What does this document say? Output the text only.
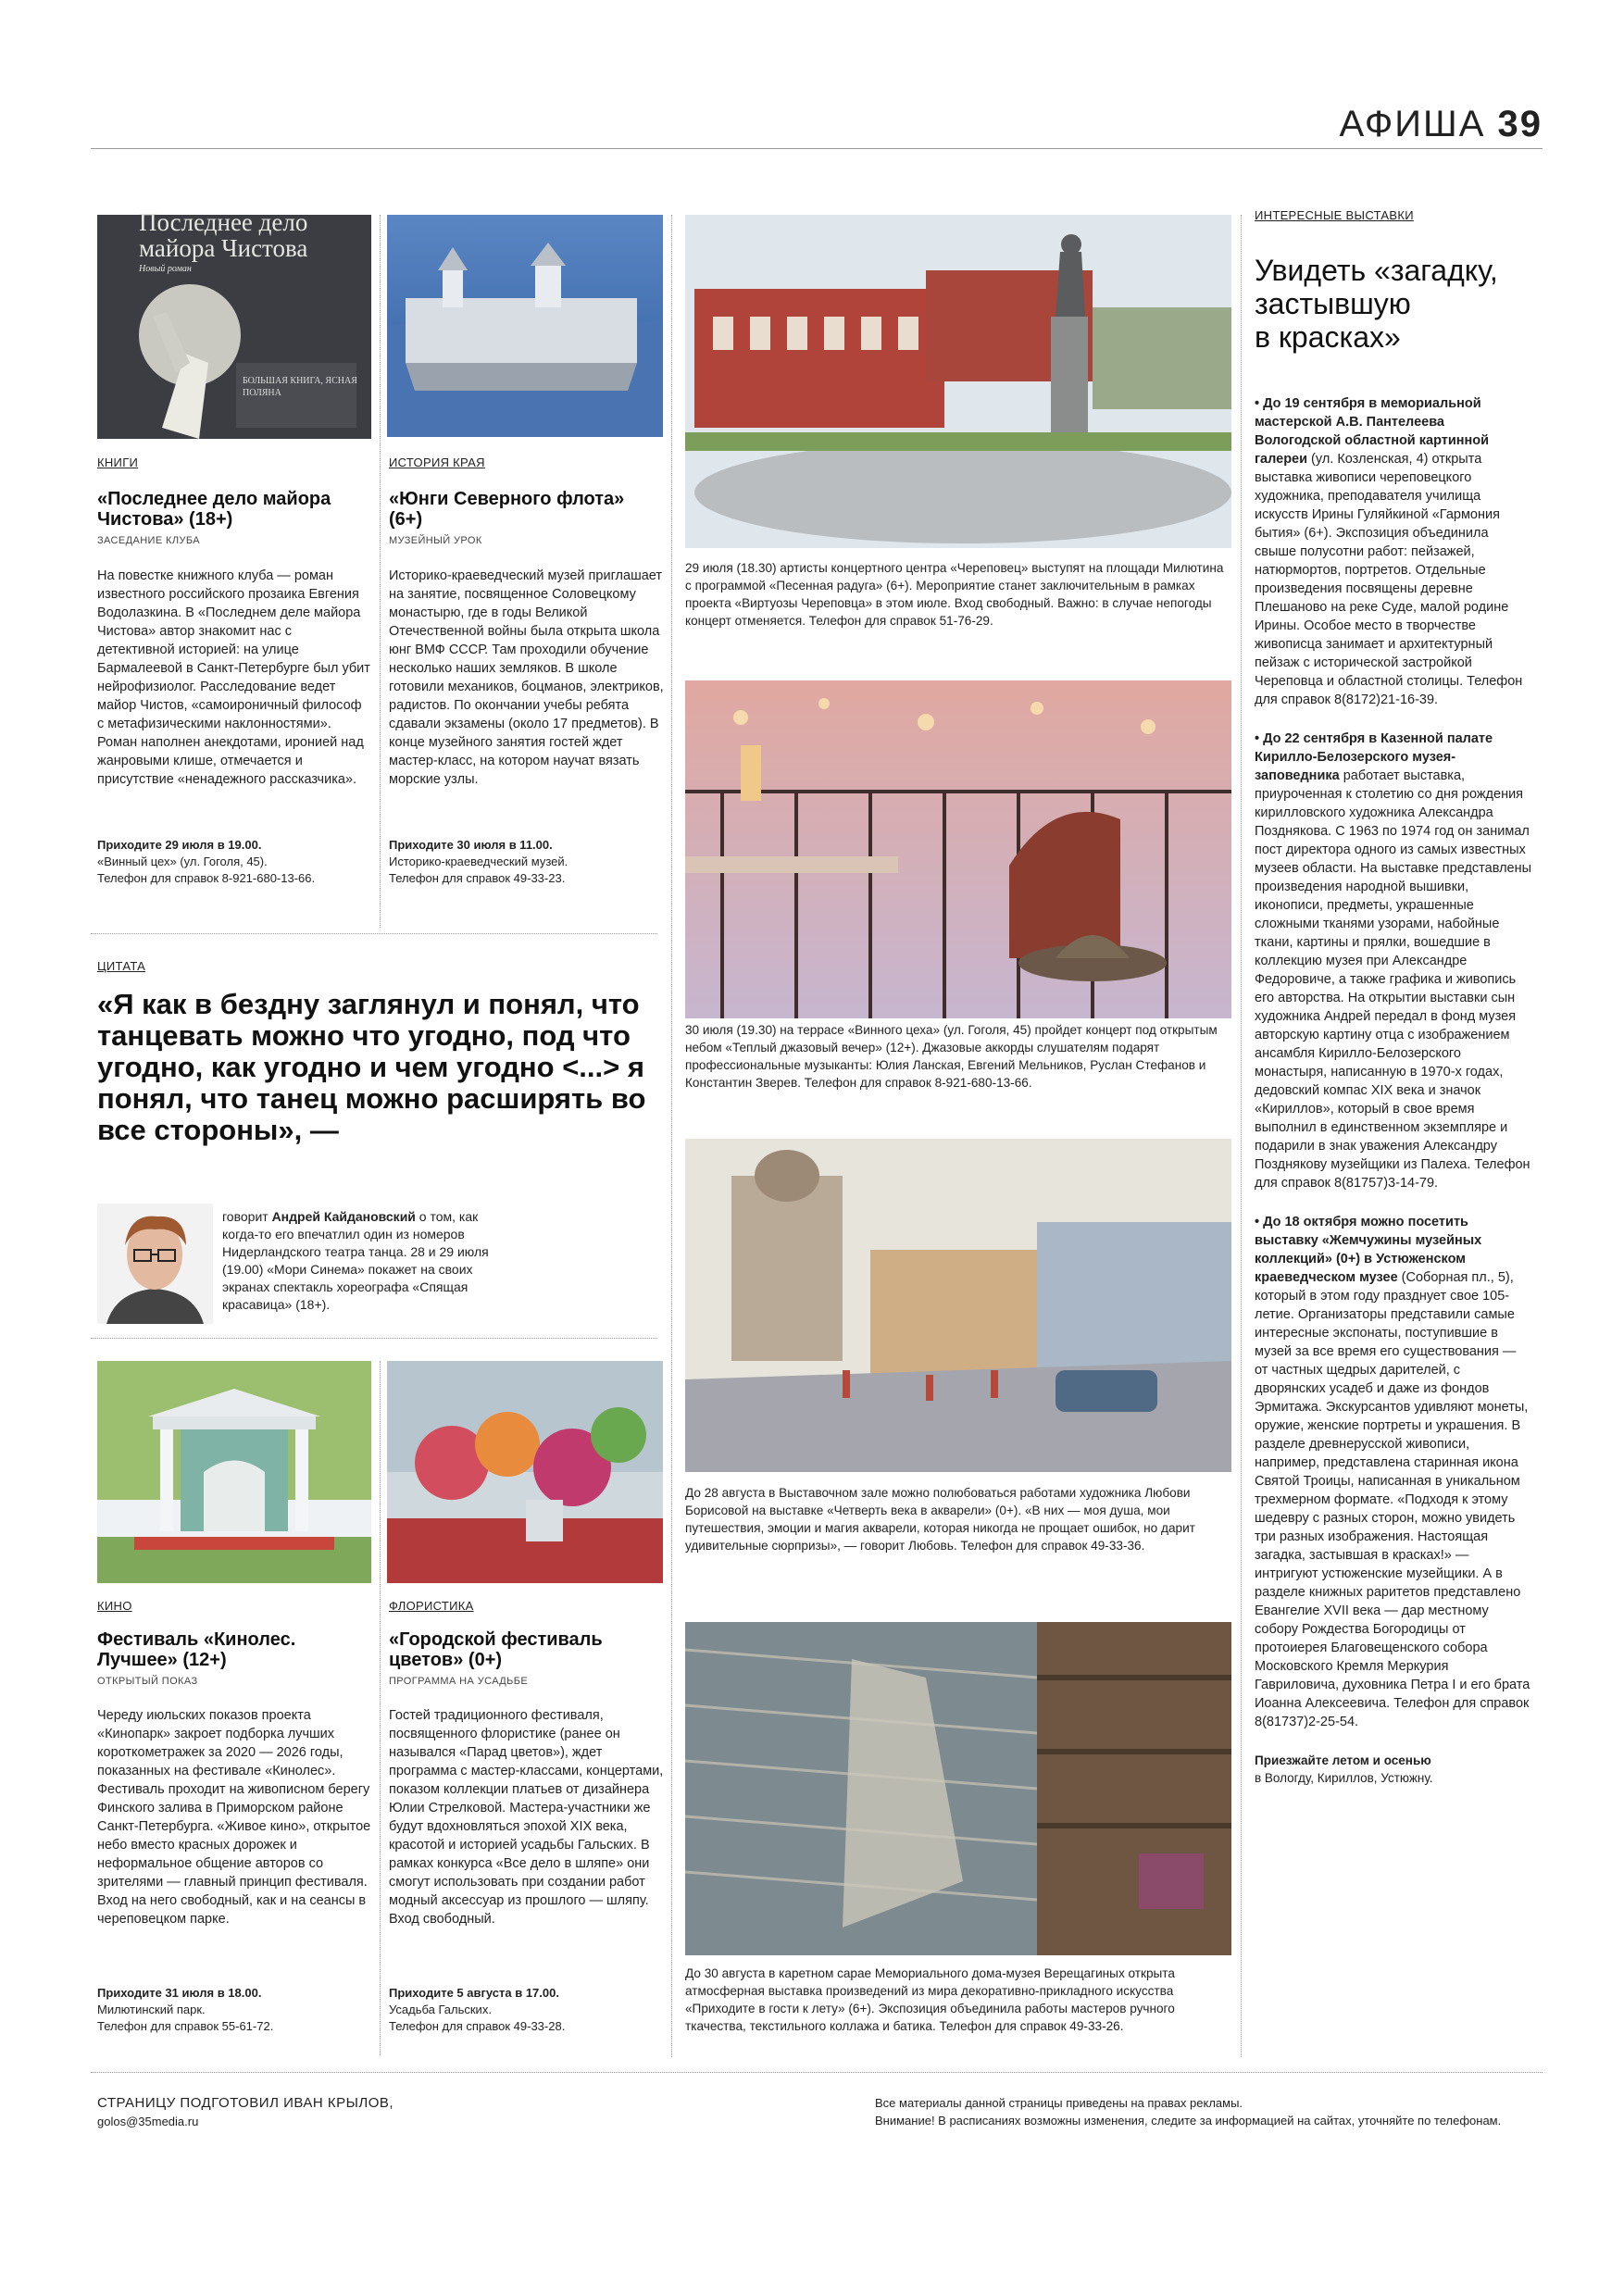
АФИША 39
Последнее дело
майора Чистова
Новый роман
БОЛЬШАЯ КНИГА, ЯСНАЯ ПОЛЯНА
КНИГИ
«Последнее дело майора Чистова» (18+)
ЗАСЕДАНИЕ КЛУБА
На повестке книжного клуба — роман известного российского прозаика Евгения Водолазкина. В «Последнем деле майора Чистова» автор знакомит нас с детективной историей: на улице Бармалеевой в Санкт-Петербурге был убит нейрофизиолог. Расследование ведет майор Чистов, «самоироничный философ с метафизическими наклонностями». Роман наполнен анекдотами, иронией над жанровыми клише, отмечается и присутствие «ненадежного рассказчика».
Приходите 29 июля в 19.00.
«Винный цех» (ул. Гоголя, 45).
Телефон для справок 8-921-680-13-66.
ИСТОРИЯ КРАЯ
«Юнги Северного флота» (6+)
МУЗЕЙНЫЙ УРОК
Историко-краеведческий музей приглашает на занятие, посвященное Соловецкому монастырю, где в годы Великой Отечественной войны была открыта школа юнг ВМФ СССР. Там проходили обучение несколько наших земляков. В школе готовили механиков, боцманов, электриков, радистов. По окончании учебы ребята сдавали экзамены (около 17 предметов). В конце музейного занятия гостей ждет мастер-класс, на котором научат вязать морские узлы.
Приходите 30 июля в 11.00.
Историко-краеведческий музей.
Телефон для справок 49-33-23.
ЦИТАТА
«Я как в бездну заглянул и понял, что танцевать можно что угодно, под что угодно, как угодно и чем угодно <...> я понял, что танец можно расширять во все стороны», —
говорит Андрей Кайдановский о том, как когда-то его впечатлил один из номеров Нидерландского театра танца. 28 и 29 июля (19.00) «Мори Синема» покажет на своих экранах спектакль хореографа «Спящая красавица» (18+).
КИНО
Фестиваль «Кинолес. Лучшее» (12+)
ОТКРЫТЫЙ ПОКАЗ
Череду июльских показов проекта «Кинопарк» закроет подборка лучших короткометражек за 2020 — 2026 годы, показанных на фестивале «Кинолес». Фестиваль проходит на живописном берегу Финского залива в Приморском районе Санкт-Петербурга. «Живое кино», открытое небо вместо красных дорожек и неформальное общение авторов со зрителями — главный принцип фестиваля. Вход на него свободный, как и на сеансы в череповецком парке.
Приходите 31 июля в 18.00.
Милютинский парк.
Телефон для справок 55-61-72.
ФЛОРИСТИКА
«Городской фестиваль цветов» (0+)
ПРОГРАММА НА УСАДЬБЕ
Гостей традиционного фестиваля, посвященного флористике (ранее он назывался «Парад цветов»), ждет программа с мастер-классами, концертами, показом коллекции платьев от дизайнера Юлии Стрелковой. Мастера-участники же будут вдохновляться эпохой XIX века, красотой и историей усадьбы Гальских. В рамках конкурса «Все дело в шляпе» они смогут использовать при создании работ модный аксессуар из прошлого — шляпу. Вход свободный.
Приходите 5 августа в 17.00.
Усадьба Гальских.
Телефон для справок 49-33-28.
29 июля (18.30) артисты концертного центра «Череповец» выступят на площади Милютина с программой «Песенная радуга» (6+). Мероприятие станет заключительным в рамках проекта «Виртуозы Череповца» в этом июле. Вход свободный. Важно: в случае непогоды концерт отменяется. Телефон для справок 51-76-29.
30 июля (19.30) на террасе «Винного цеха» (ул. Гоголя, 45) пройдет концерт под открытым небом «Теплый джазовый вечер» (12+). Джазовые аккорды слушателям подарят профессиональные музыканты: Юлия Ланская, Евгений Мельников, Руслан Стефанов и Константин Зверев. Телефон для справок 8-921-680-13-66.
До 28 августа в Выставочном зале можно полюбоваться работами художника Любови Борисовой на выставке «Четверть века в акварели» (0+). «В них — моя душа, мои путешествия, эмоции и магия акварели, которая никогда не прощает ошибок, но дарит удивительные сюрпризы», — говорит Любовь. Телефон для справок 49-33-36.
До 30 августа в каретном сарае Мемориального дома-музея Верещагиных открыта атмосферная выставка произведений из мира декоративно-прикладного искусства «Приходите в гости к лету» (6+). Экспозиция объединила работы мастеров ручного ткачества, текстильного коллажа и батика. Телефон для справок 49-33-26.
ИНТЕРЕСНЫЕ ВЫСТАВКИ
Увидеть «загадку,
застывшую
в красках»
• До 19 сентября в мемориальной мастерской А.В. Пантелеева Вологодской областной картинной галереи (ул. Козленская, 4) открыта выставка живописи череповецкого художника, преподавателя училища искусств Ирины Гуляйкиной «Гармония бытия» (6+). Экспозиция объединила свыше полусотни работ: пейзажей, натюрмортов, портретов. Отдельные произведения посвящены деревне Плешаново на реке Суде, малой родине Ирины. Особое место в творчестве живописца занимает и архитектурный пейзаж с исторической застройкой Череповца и областной столицы. Телефон для справок 8(8172)21-16-39.
• До 22 сентября в Казенной палате Кирилло-Белозерского музея-заповедника работает выставка, приуроченная к столетию со дня рождения кирилловского художника Александра Позднякова. С 1963 по 1974 год он занимал пост директора одного из самых известных музеев области. На выставке представлены произведения народной вышивки, иконописи, предметы, украшенные сложными тканями узорами, набойные ткани, картины и прялки, вошедшие в коллекцию музея при Александре Федоровиче, а также графика и живопись его авторства. На открытии выставки сын художника Андрей передал в фонд музея авторскую картину отца с изображением ансамбля Кирилло-Белозерского монастыря, написанную в 1970-х годах, дедовский компас XIX века и значок «Кириллов», который в свое время выполнил в единственном экземпляре и подарили в знак уважения Александру Позднякову музейщики из Палеха. Телефон для справок 8(81757)3-14-79.
• До 18 октября можно посетить выставку «Жемчужины музейных коллекций» (0+) в Устюженском краеведческом музее (Соборная пл., 5), который в этом году празднует свое 105-летие. Организаторы представили самые интересные экспонаты, поступившие в музей за все время его существования — от частных щедрых дарителей, с дворянских усадеб и даже из фондов Эрмитажа. Экскурсантов удивляют монеты, оружие, женские портреты и украшения. В разделе древнерусской живописи, например, представлена старинная икона Святой Троицы, написанная в уникальном трехмерном формате. «Подходя к этому шедевру с разных сторон, можно увидеть три разных изображения. Настоящая загадка, застывшая в красках!» — интригуют устюженские музейщики. А в разделе книжных раритетов представлено Евангелие XVII века — дар местному собору Рождества Богородицы от протоиерея Благовещенского собора Московского Кремля Меркурия Гавриловича, духовника Петра I и его брата Иоанна Алексеевича. Телефон для справок 8(81737)2-25-54.
Приезжайте летом и осенью
в Вологду, Кириллов, Устюжну.
СТРАНИЦУ ПОДГОТОВИЛ ИВАН КРЫЛОВ,
golos@35media.ru
Все материалы данной страницы приведены на правах рекламы.
Внимание! В расписаниях возможны изменения, следите за информацией на сайтах, уточняйте по телефонам.
